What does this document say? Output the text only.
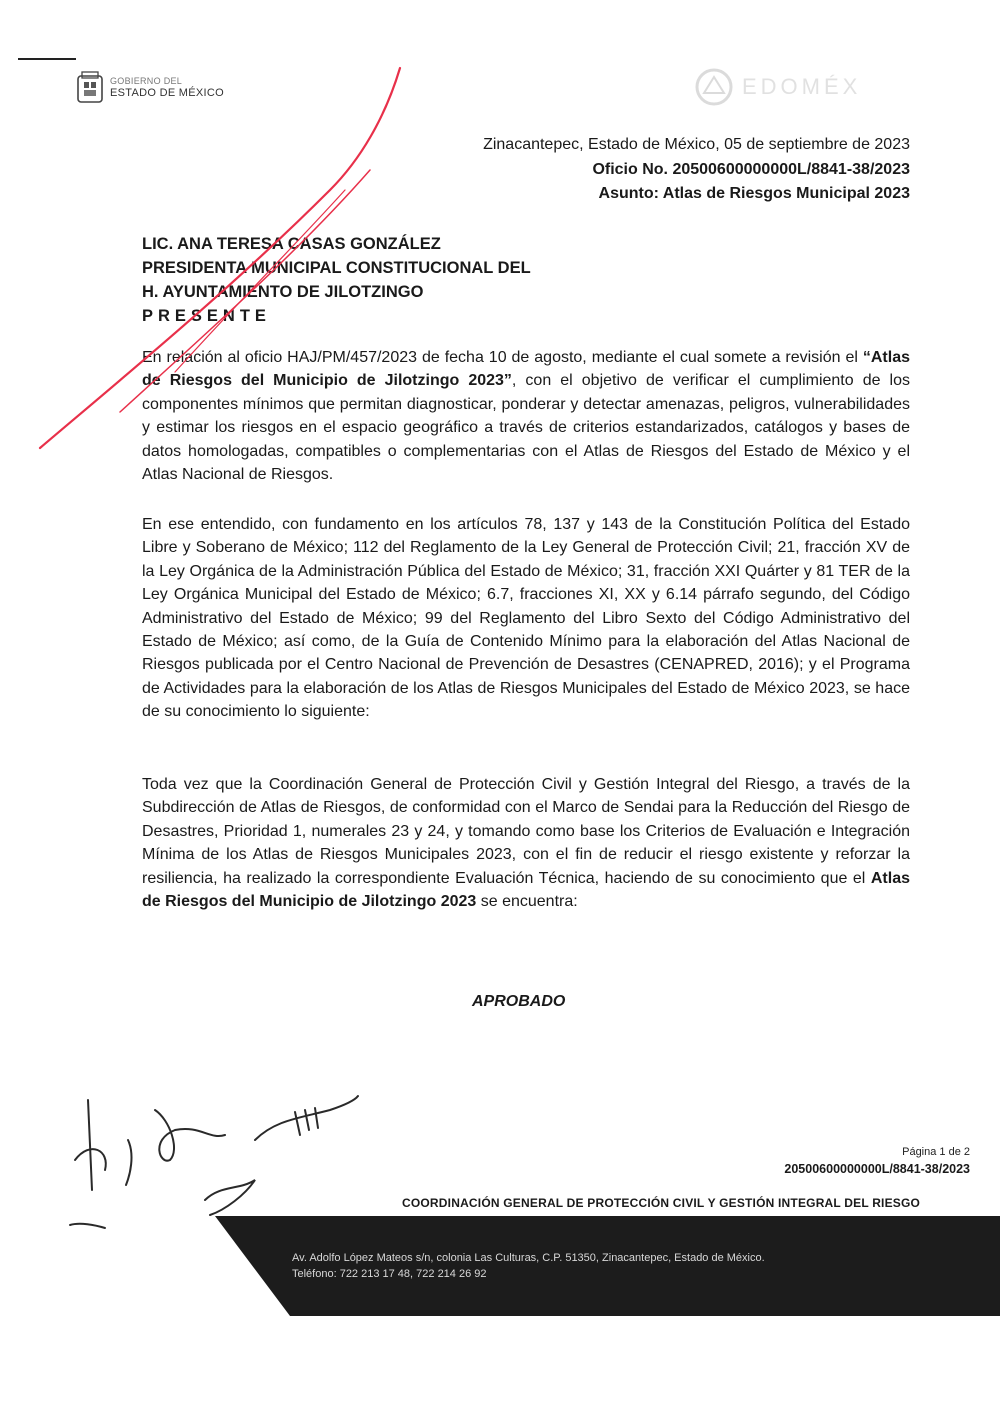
GOBIERNO DEL
ESTADO DE MÉXICO	EDOMÉX
Zinacantepec, Estado de México, 05 de septiembre de 2023
Oficio No. 20500600000000L/8841-38/2023
Asunto: Atlas de Riesgos Municipal 2023
LIC. ANA TERESA CASAS GONZÁLEZ
PRESIDENTA MUNICIPAL CONSTITUCIONAL DEL
H. AYUNTAMIENTO DE JILOTZINGO
PRESENTE
En relación al oficio HAJ/PM/457/2023 de fecha 10 de agosto, mediante el cual somete a revisión el “Atlas de Riesgos del Municipio de Jilotzingo 2023”, con el objetivo de verificar el cumplimiento de los componentes mínimos que permitan diagnosticar, ponderar y detectar amenazas, peligros, vulnerabilidades y estimar los riesgos en el espacio geográfico a través de criterios estandarizados, catálogos y bases de datos homologadas, compatibles o complementarias con el Atlas de Riesgos del Estado de México y el Atlas Nacional de Riesgos.
En ese entendido, con fundamento en los artículos 78, 137 y 143 de la Constitución Política del Estado Libre y Soberano de México; 112 del Reglamento de la Ley General de Protección Civil; 21, fracción XV de la Ley Orgánica de la Administración Pública del Estado de México; 31, fracción XXI Quárter y 81 TER de la Ley Orgánica Municipal del Estado de México; 6.7, fracciones XI, XX y 6.14 párrafo segundo, del Código Administrativo del Estado de México; 99 del Reglamento del Libro Sexto del Código Administrativo del Estado de México; así como, de la Guía de Contenido Mínimo para la elaboración del Atlas Nacional de Riesgos publicada por el Centro Nacional de Prevención de Desastres (CENAPRED, 2016); y el Programa de Actividades para la elaboración de los Atlas de Riesgos Municipales del Estado de México 2023, se hace de su conocimiento lo siguiente:
Toda vez que la Coordinación General de Protección Civil y Gestión Integral del Riesgo, a través de la Subdirección de Atlas de Riesgos, de conformidad con el Marco de Sendai para la Reducción del Riesgo de Desastres, Prioridad 1, numerales 23 y 24, y tomando como base los Criterios de Evaluación e Integración Mínima de los Atlas de Riesgos Municipales 2023, con el fin de reducir el riesgo existente y reforzar la resiliencia, ha realizado la correspondiente Evaluación Técnica, haciendo de su conocimiento que el Atlas de Riesgos del Municipio de Jilotzingo 2023 se encuentra:
APROBADO
Página 1 de 2
20500600000000L/8841-38/2023
COORDINACIÓN GENERAL DE PROTECCIÓN CIVIL Y GESTIÓN INTEGRAL DEL RIESGO
Av. Adolfo López Mateos s/n, colonia Las Culturas, C.P. 51350, Zinacantepec, Estado de México.
Teléfono: 722 213 17 48, 722 214 26 92
